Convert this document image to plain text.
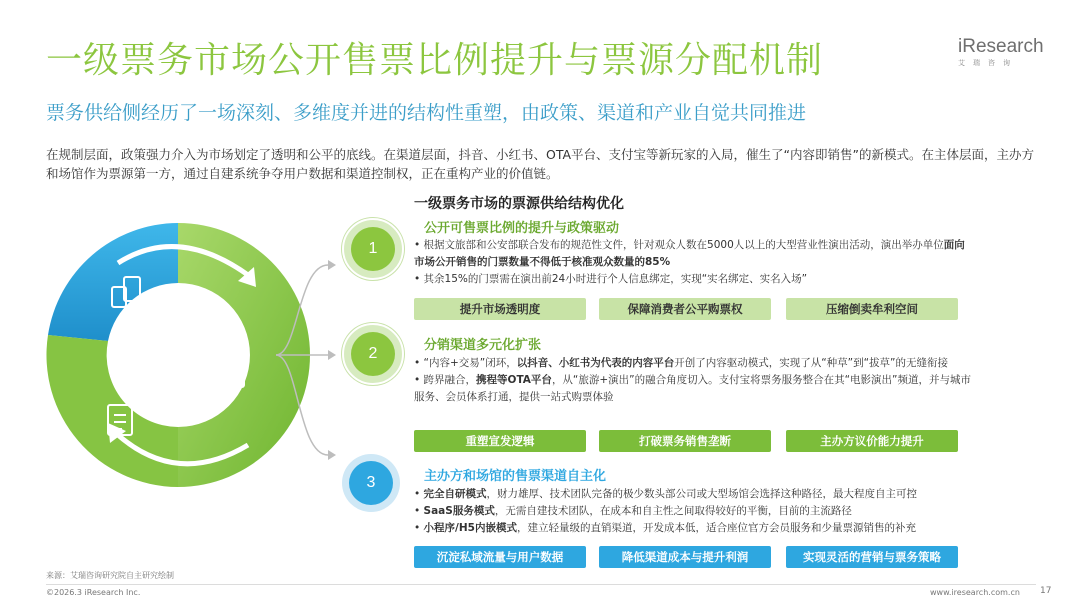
一级票务市场公开售票比例提升与票源分配机制	iResearch
艾瑞咨询
票务供给侧经历了一场深刻、多维度并进的结构性重塑，由政策、渠道和产业自觉共同推进
在规制层面，政策强力介入为市场划定了透明和公平的底线。在渠道层面，抖音、小红书、OTA平台、支付宝等新玩家的入局，催生了“内容即销售”的新模式。在主体层面，主办方和场馆作为票源第一方，通过自建系统争夺用户数据和渠道控制权，正在重构产业的价值链。
一级票务市场的票源供给结构优化
%
1
公开可售票比例的提升与政策驱动
• 根据文旅部和公安部联合发布的规范性文件，针对观众人数在5000人以上的大型营业性演出活动，演出举办单位面向市场公开销售的门票数量不得低于核准观众数量的85%
• 其余15%的门票需在演出前24小时进行个人信息绑定，实现“实名绑定、实名入场”
提升市场透明度	保障消费者公平购票权	压缩倒卖牟利空间
2	分销渠道多元化扩张
• “内容+交易”闭环，以抖音、小红书为代表的内容平台开创了内容驱动模式，实现了从“种草”到“拔草”的无缝衔接
• 跨界融合，携程等OTA平台，从“旅游+演出”的融合角度切入。支付宝将票务服务整合在其“电影演出”频道，并与城市服务、会员体系打通，提供一站式购票体验
重塑宣发逻辑	打破票务销售垄断	主办方议价能力提升
3	主办方和场馆的售票渠道自主化
• 完全自研模式，财力雄厚、技术团队完备的极少数头部公司或大型场馆会选择这种路径，最大程度自主可控
• SaaS服务模式，无需自建技术团队，在成本和自主性之间取得较好的平衡，目前的主流路径
• 小程序/H5内嵌模式，建立轻量级的直销渠道，开发成本低，适合座位官方会员服务和少量票源销售的补充
沉淀私域流量与用户数据	降低渠道成本与提升利润	实现灵活的营销与票务策略
来源：艾瑞咨询研究院自主研究绘制
©2026.3 iResearch Inc.	www.iresearch.com.cn 17
